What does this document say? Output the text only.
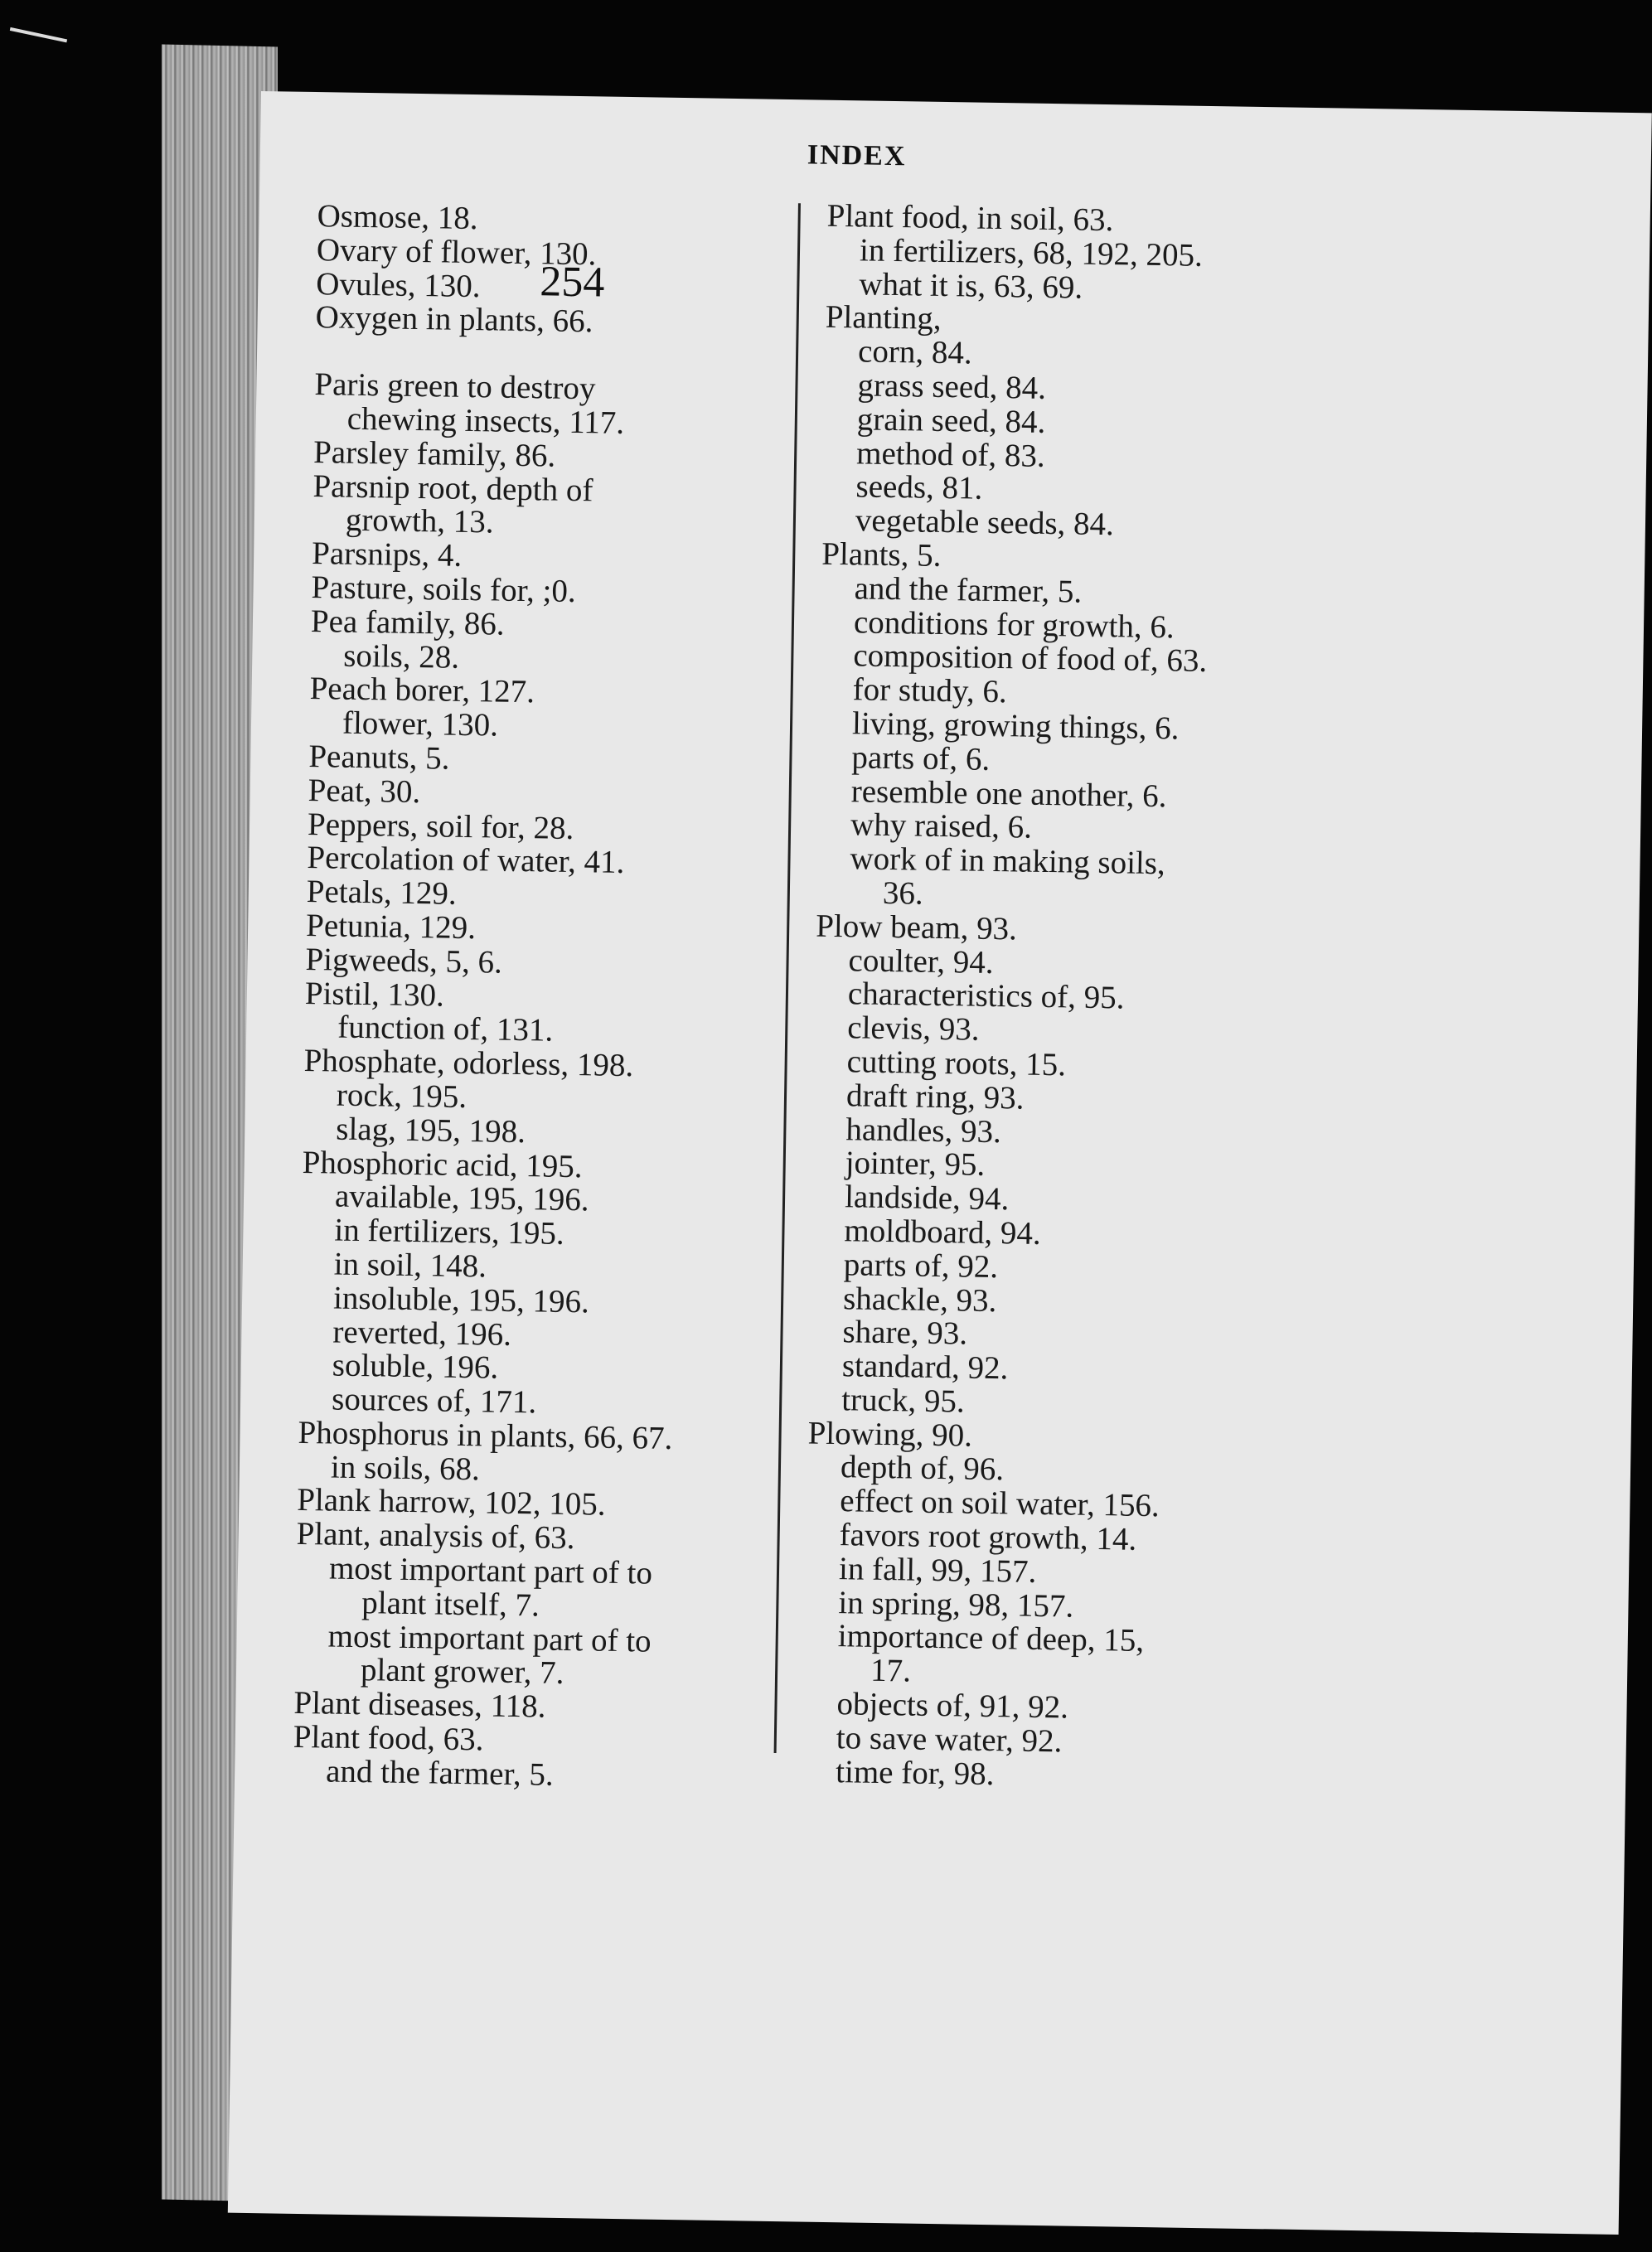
254
INDEX
Osmose, 18.
Ovary of flower, 130.
Ovules, 130.
Oxygen in plants, 66.
Paris green to destroy
chewing insects, 117.
Parsley family, 86.
Parsnip root, depth of
growth, 13.
Parsnips, 4.
Pasture, soils for, ;0.
Pea family, 86.
soils, 28.
Peach borer, 127.
flower, 130.
Peanuts, 5.
Peat, 30.
Peppers, soil for, 28.
Percolation of water, 41.
Petals, 129.
Petunia, 129.
Pigweeds, 5, 6.
Pistil, 130.
function of, 131.
Phosphate, odorless, 198.
rock, 195.
slag, 195, 198.
Phosphoric acid, 195.
available, 195, 196.
in fertilizers, 195.
in soil, 148.
insoluble, 195, 196.
reverted, 196.
soluble, 196.
sources of, 171.
Phosphorus in plants, 66, 67.
in soils, 68.
Plank harrow, 102, 105.
Plant, analysis of, 63.
most important part of to
plant itself, 7.
most important part of to
plant grower, 7.
Plant diseases, 118.
Plant food, 63.
and the farmer, 5.
Plant food, in soil, 63.
in fertilizers, 68, 192, 205.
what it is, 63, 69.
Planting,
corn, 84.
grass seed, 84.
grain seed, 84.
method of, 83.
seeds, 81.
vegetable seeds, 84.
Plants, 5.
and the farmer, 5.
conditions for growth, 6.
composition of food of, 63.
for study, 6.
living, growing things, 6.
parts of, 6.
resemble one another, 6.
why raised, 6.
work of in making soils,
36.
Plow beam, 93.
coulter, 94.
characteristics of, 95.
clevis, 93.
cutting roots, 15.
draft ring, 93.
handles, 93.
jointer, 95.
landside, 94.
moldboard, 94.
parts of, 92.
shackle, 93.
share, 93.
standard, 92.
truck, 95.
Plowing, 90.
depth of, 96.
effect on soil water, 156.
favors root growth, 14.
in fall, 99, 157.
in spring, 98, 157.
importance of deep, 15,
17.
objects of, 91, 92.
to save water, 92.
time for, 98.
